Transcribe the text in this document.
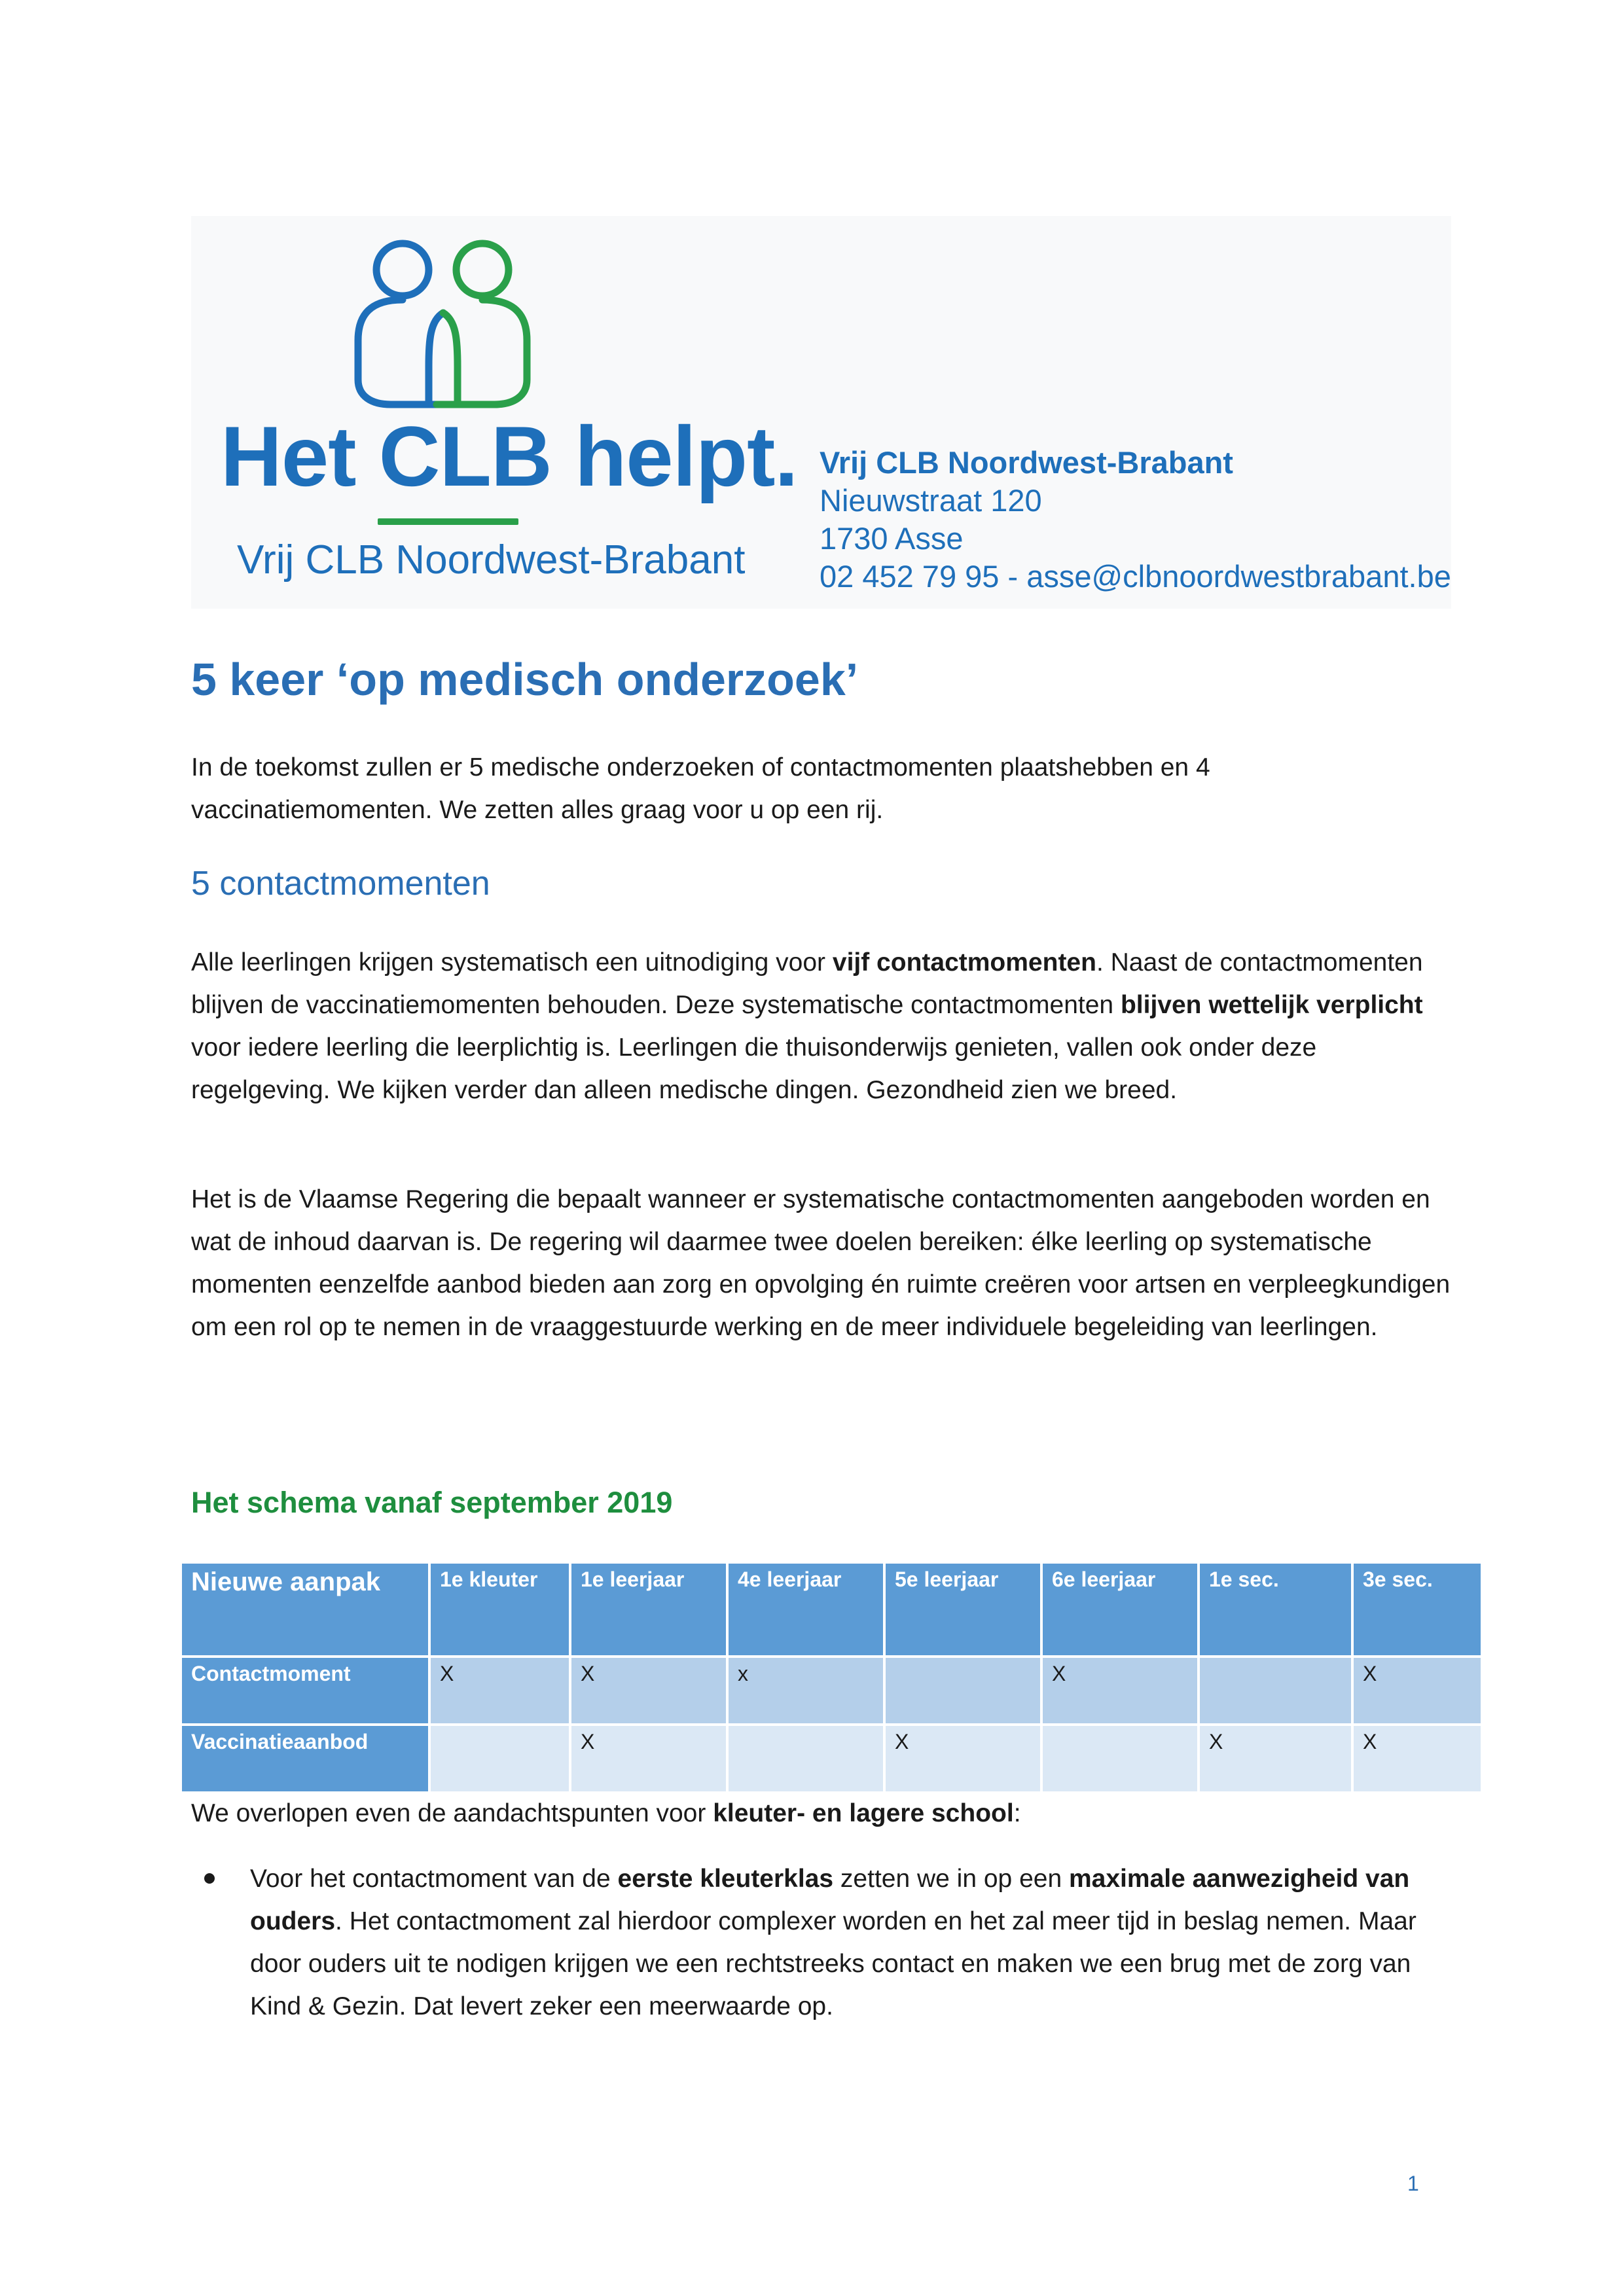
Het CLB helpt.
Vrij CLB Noordwest-Brabant
Vrij CLB Noordwest-Brabant
Nieuwstraat 120
1730 Asse
02 452 79 95 - asse@clbnoordwestbrabant.be
5 keer ‘op medisch onderzoek’

In de toekomst zullen er 5 medische onderzoeken of contactmomenten plaatshebben en 4 vaccinatiemomenten. We zetten alles graag voor u op een rij.

5 contactmomenten

Alle leerlingen krijgen systematisch een uitnodiging voor vijf contactmomenten. Naast de contactmomenten blijven de vaccinatiemomenten behouden. Deze systematische contactmomenten blijven wettelijk verplicht voor iedere leerling die leerplichtig is. Leerlingen die thuisonderwijs genieten, vallen ook onder deze regelgeving. We kijken verder dan alleen medische dingen. Gezondheid zien we breed.

Het is de Vlaamse Regering die bepaalt wanneer er systematische contactmomenten aangeboden worden en wat de inhoud daarvan is. De regering wil daarmee twee doelen bereiken: élke leerling op systematische momenten eenzelfde aanbod bieden aan zorg en opvolging én ruimte creëren voor artsen en verpleegkundigen om een rol op te nemen in de vraaggestuurde werking en de meer individuele begeleiding van leerlingen.

Het schema vanaf september 2019
Nieuwe aanpak	1e kleuter	1e leerjaar	4e leerjaar	5e leerjaar	6e leerjaar	1e sec.	3e sec.
Contactmoment	X	X	x		X		X
Vaccinatieaanbod		X		X		X	X

We overlopen even de aandachtspunten voor kleuter- en lagere school:

Voor het contactmoment van de eerste kleuterklas zetten we in op een maximale aanwezigheid van ouders. Het contactmoment zal hierdoor complexer worden en het zal meer tijd in beslag nemen. Maar door ouders uit te nodigen krijgen we een rechtstreeks contact en maken we een brug met de zorg van Kind & Gezin. Dat levert zeker een meerwaarde op.
1
